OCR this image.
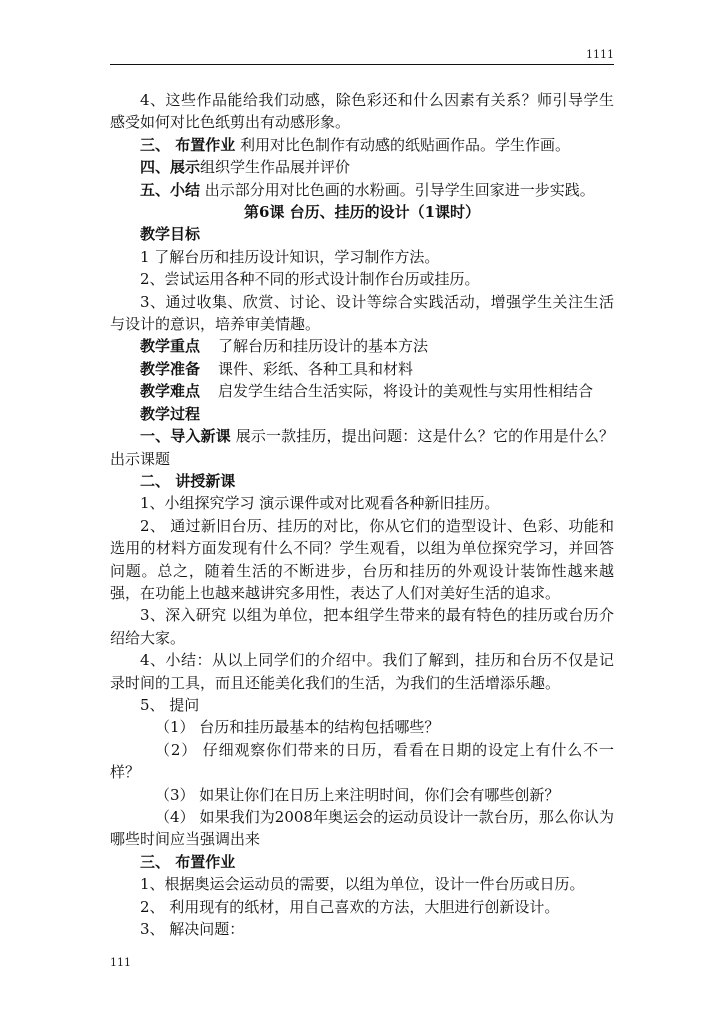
1111

4、这些作品能给我们动感，除色彩还和什么因素有关系？师引导学生感受如何对比色纸剪出有动感形象。

三、 布置作业 利用对比色制作有动感的纸贴画作品。学生作画。

四、展示组织学生作品展并评价

五、小结 出示部分用对比色画的水粉画。引导学生回家进一步实践。

第6课 台历、挂历的设计（1课时）

教学目标

1 了解台历和挂历设计知识，学习制作方法。

2、尝试运用各种不同的形式设计制作台历或挂历。

3、通过收集、欣赏、讨论、设计等综合实践活动，增强学生关注生活与设计的意识，培养审美情趣。

教学重点 了解台历和挂历设计的基本方法

教学准备 课件、彩纸、各种工具和材料

教学难点 启发学生结合生活实际，将设计的美观性与实用性相结合

教学过程

一、导入新课 展示一款挂历，提出问题：这是什么？它的作用是什么？ 出示课题

二、 讲授新课

1、小组探究学习 演示课件或对比观看各种新旧挂历。

2、 通过新旧台历、挂历的对比，你从它们的造型设计、色彩、功能和选用的材料方面发现有什么不同？学生观看，以组为单位探究学习，并回答问题。总之，随着生活的不断进步，台历和挂历的外观设计装饰性越来越强，在功能上也越来越讲究多用性，表达了人们对美好生活的追求。

3、深入研究 以组为单位，把本组学生带来的最有特色的挂历或台历介绍给大家。

4、小结：从以上同学们的介绍中。我们了解到，挂历和台历不仅是记录时间的工具，而且还能美化我们的生活，为我们的生活增添乐趣。

5、 提问

（1） 台历和挂历最基本的结构包括哪些？

（2） 仔细观察你们带来的日历，看看在日期的设定上有什么不一样？

（3） 如果让你们在日历上来注明时间，你们会有哪些创新？

（4） 如果我们为2008年奥运会的运动员设计一款台历，那么你认为哪些时间应当强调出来

三、 布置作业

1、根据奥运会运动员的需要，以组为单位，设计一件台历或日历。

2、 利用现有的纸材，用自己喜欢的方法，大胆进行创新设计。

3、 解决问题：

111
